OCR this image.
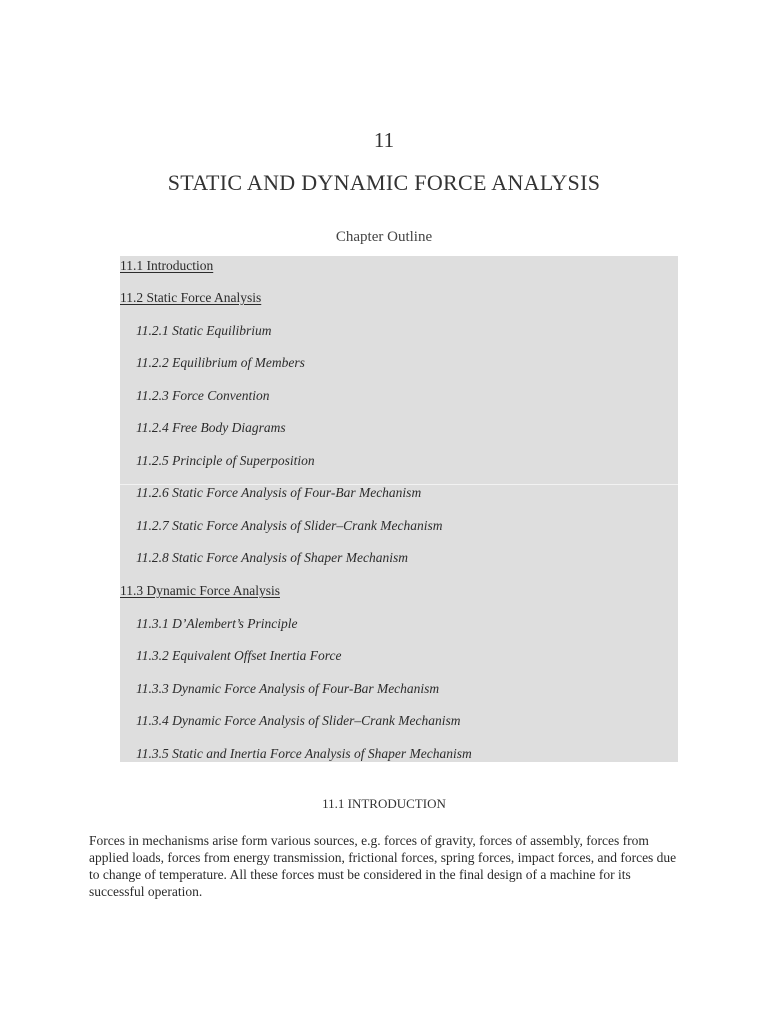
11
STATIC AND DYNAMIC FORCE ANALYSIS
Chapter Outline
11.1 Introduction
11.2 Static Force Analysis
11.2.1 Static Equilibrium
11.2.2 Equilibrium of Members
11.2.3 Force Convention
11.2.4 Free Body Diagrams
11.2.5 Principle of Superposition
11.2.6 Static Force Analysis of Four-Bar Mechanism
11.2.7 Static Force Analysis of Slider–Crank Mechanism
11.2.8 Static Force Analysis of Shaper Mechanism
11.3 Dynamic Force Analysis
11.3.1 D’Alembert’s Principle
11.3.2 Equivalent Offset Inertia Force
11.3.3 Dynamic Force Analysis of Four-Bar Mechanism
11.3.4 Dynamic Force Analysis of Slider–Crank Mechanism
11.3.5 Static and Inertia Force Analysis of Shaper Mechanism
11.1 INTRODUCTION
Forces in mechanisms arise form various sources, e.g. forces of gravity, forces of assembly, forces from applied loads, forces from energy transmission, frictional forces, spring forces, impact forces, and forces due to change of temperature. All these forces must be considered in the final design of a machine for its successful operation.
